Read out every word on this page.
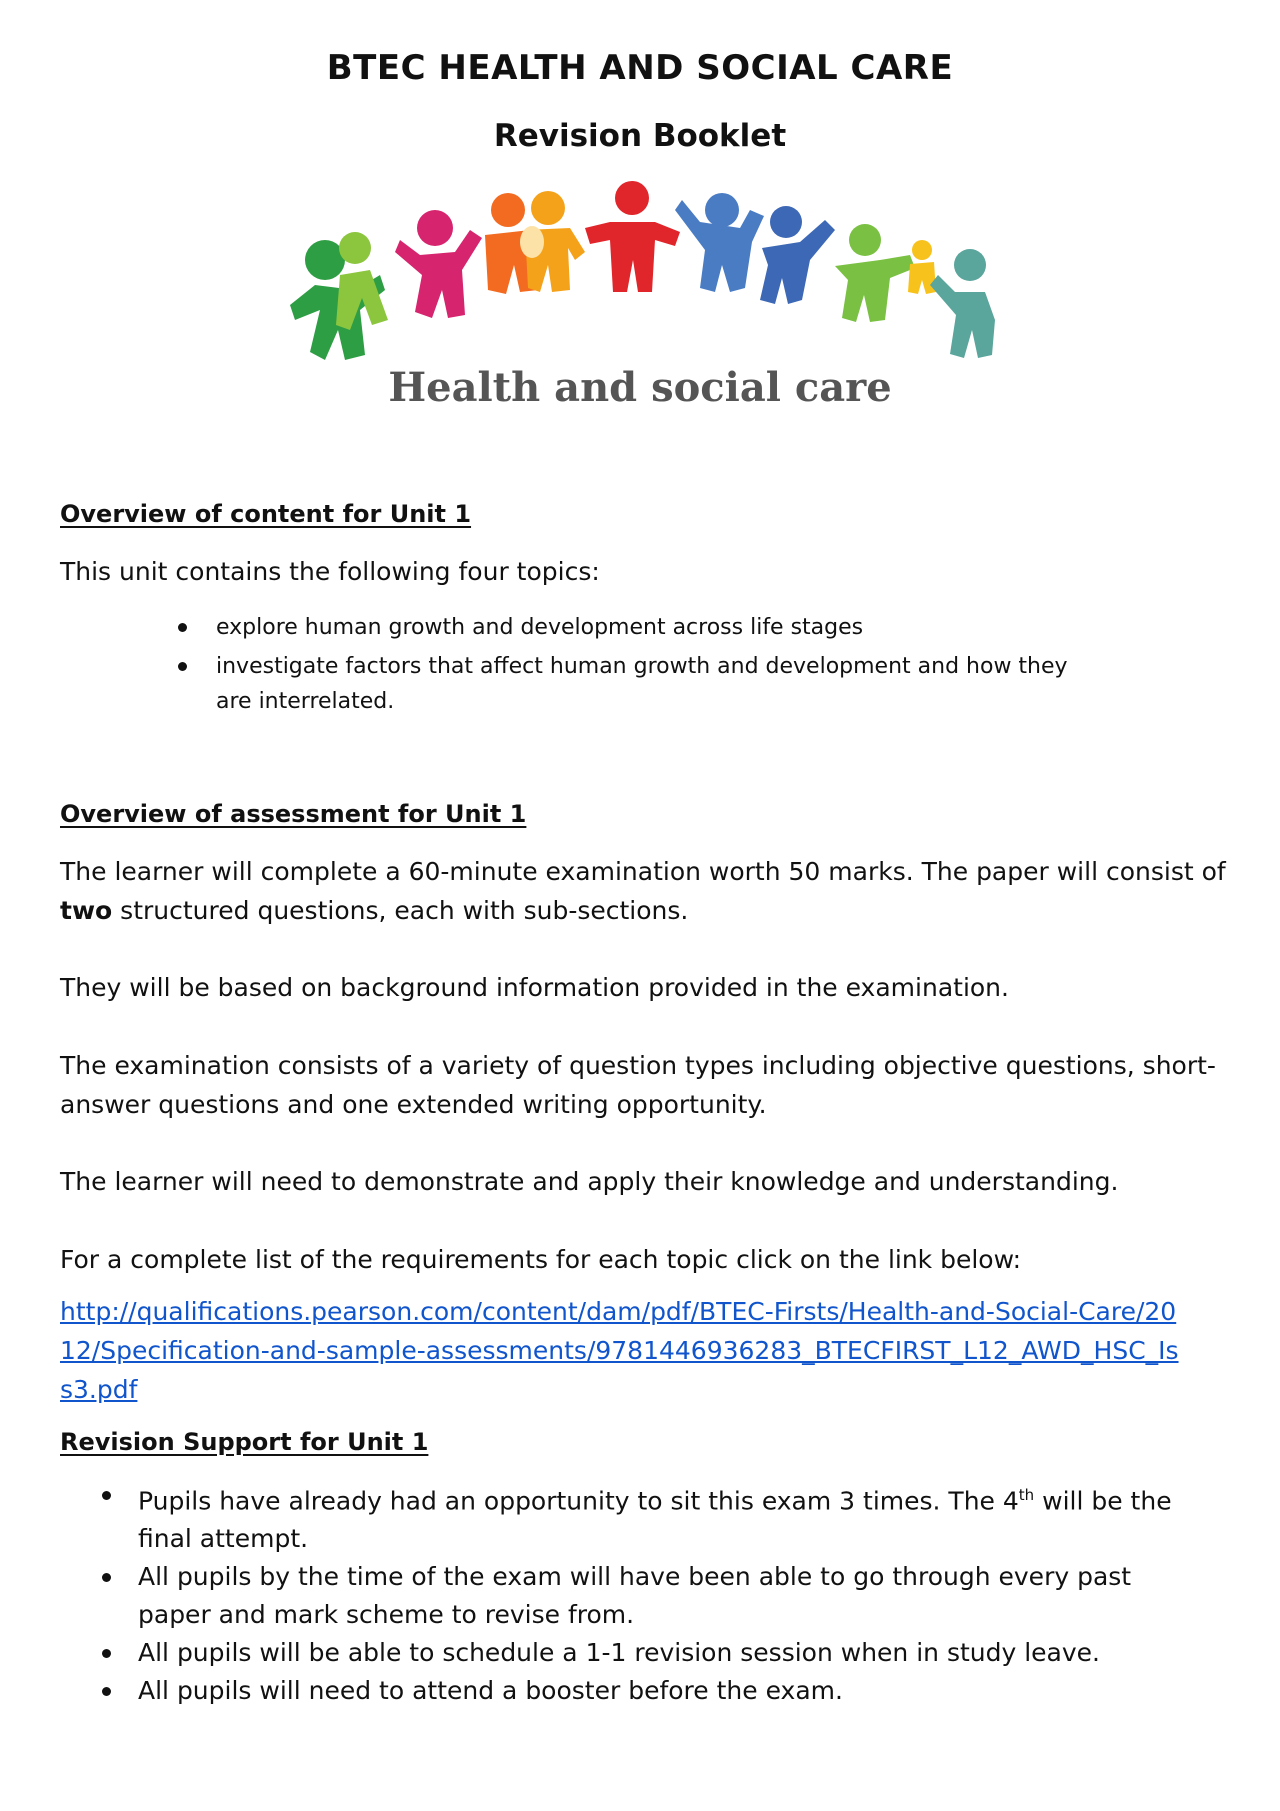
BTEC HEALTH AND SOCIAL CARE
Revision Booklet
Health and social care
Overview of content for Unit 1
This unit contains the following four topics:
explore human growth and development across life stages
investigate factors that affect human growth and development and how they are interrelated.
Overview of assessment for Unit 1
The learner will complete a 60-minute examination worth 50 marks. The paper will consist of two structured questions, each with sub-sections.
They will be based on background information provided in the examination.
The examination consists of a variety of question types including objective questions, short-answer questions and one extended writing opportunity.
The learner will need to demonstrate and apply their knowledge and understanding.
For a complete list of the requirements for each topic click on the link below:
http://qualifications.pearson.com/content/dam/pdf/BTEC-Firsts/Health-and-Social-Care/2012/Specification-and-sample-assessments/9781446936283_BTECFIRST_L12_AWD_HSC_Iss3.pdf
Revision Support for Unit 1
Pupils have already had an opportunity to sit this exam 3 times. The 4th will be the final attempt.
All pupils by the time of the exam will have been able to go through every past paper and mark scheme to revise from.
All pupils will be able to schedule a 1-1 revision session when in study leave.
All pupils will need to attend a booster before the exam.
